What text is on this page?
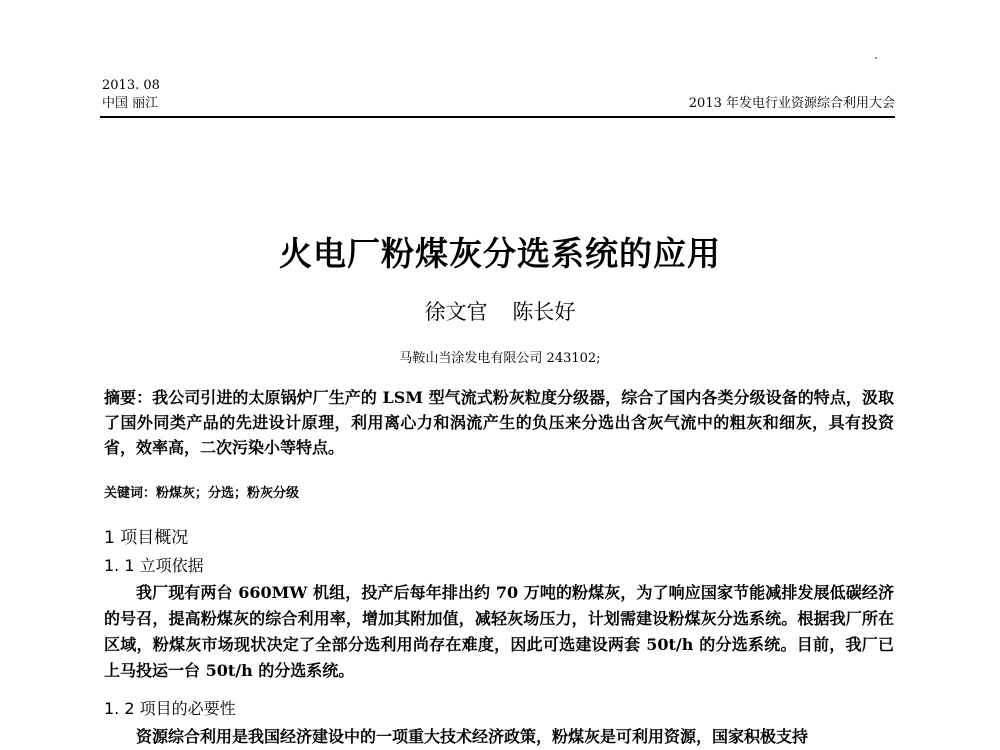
2013. 08
中国 丽江	2013 年发电行业资源综合利用大会
火电厂粉煤灰分选系统的应用
徐文官 陈长好
马鞍山当涂发电有限公司 243102;
摘要：我公司引进的太原锅炉厂生产的 LSM 型气流式粉灰粒度分级器，综合了国内各类分级设备的特点，汲取了国外同类产品的先进设计原理，利用离心力和涡流产生的负压来分选出含灰气流中的粗灰和细灰，具有投资省，效率高，二次污染小等特点。
关键词：粉煤灰；分选；粉灰分级
1 项目概况
1. 1 立项依据
我厂现有两台 660MW 机组，投产后每年排出约 70 万吨的粉煤灰，为了响应国家节能减排发展低碳经济的号召，提高粉煤灰的综合利用率，增加其附加值，减轻灰场压力，计划需建设粉煤灰分选系统。根据我厂所在区域，粉煤灰市场现状决定了全部分选利用尚存在难度，因此可选建设两套 50t/h 的分选系统。目前，我厂已上马投运一台 50t/h 的分选系统。
1. 2 项目的必要性
资源综合利用是我国经济建设中的一项重大技术经济政策，粉煤灰是可利用资源，国家积极支持
